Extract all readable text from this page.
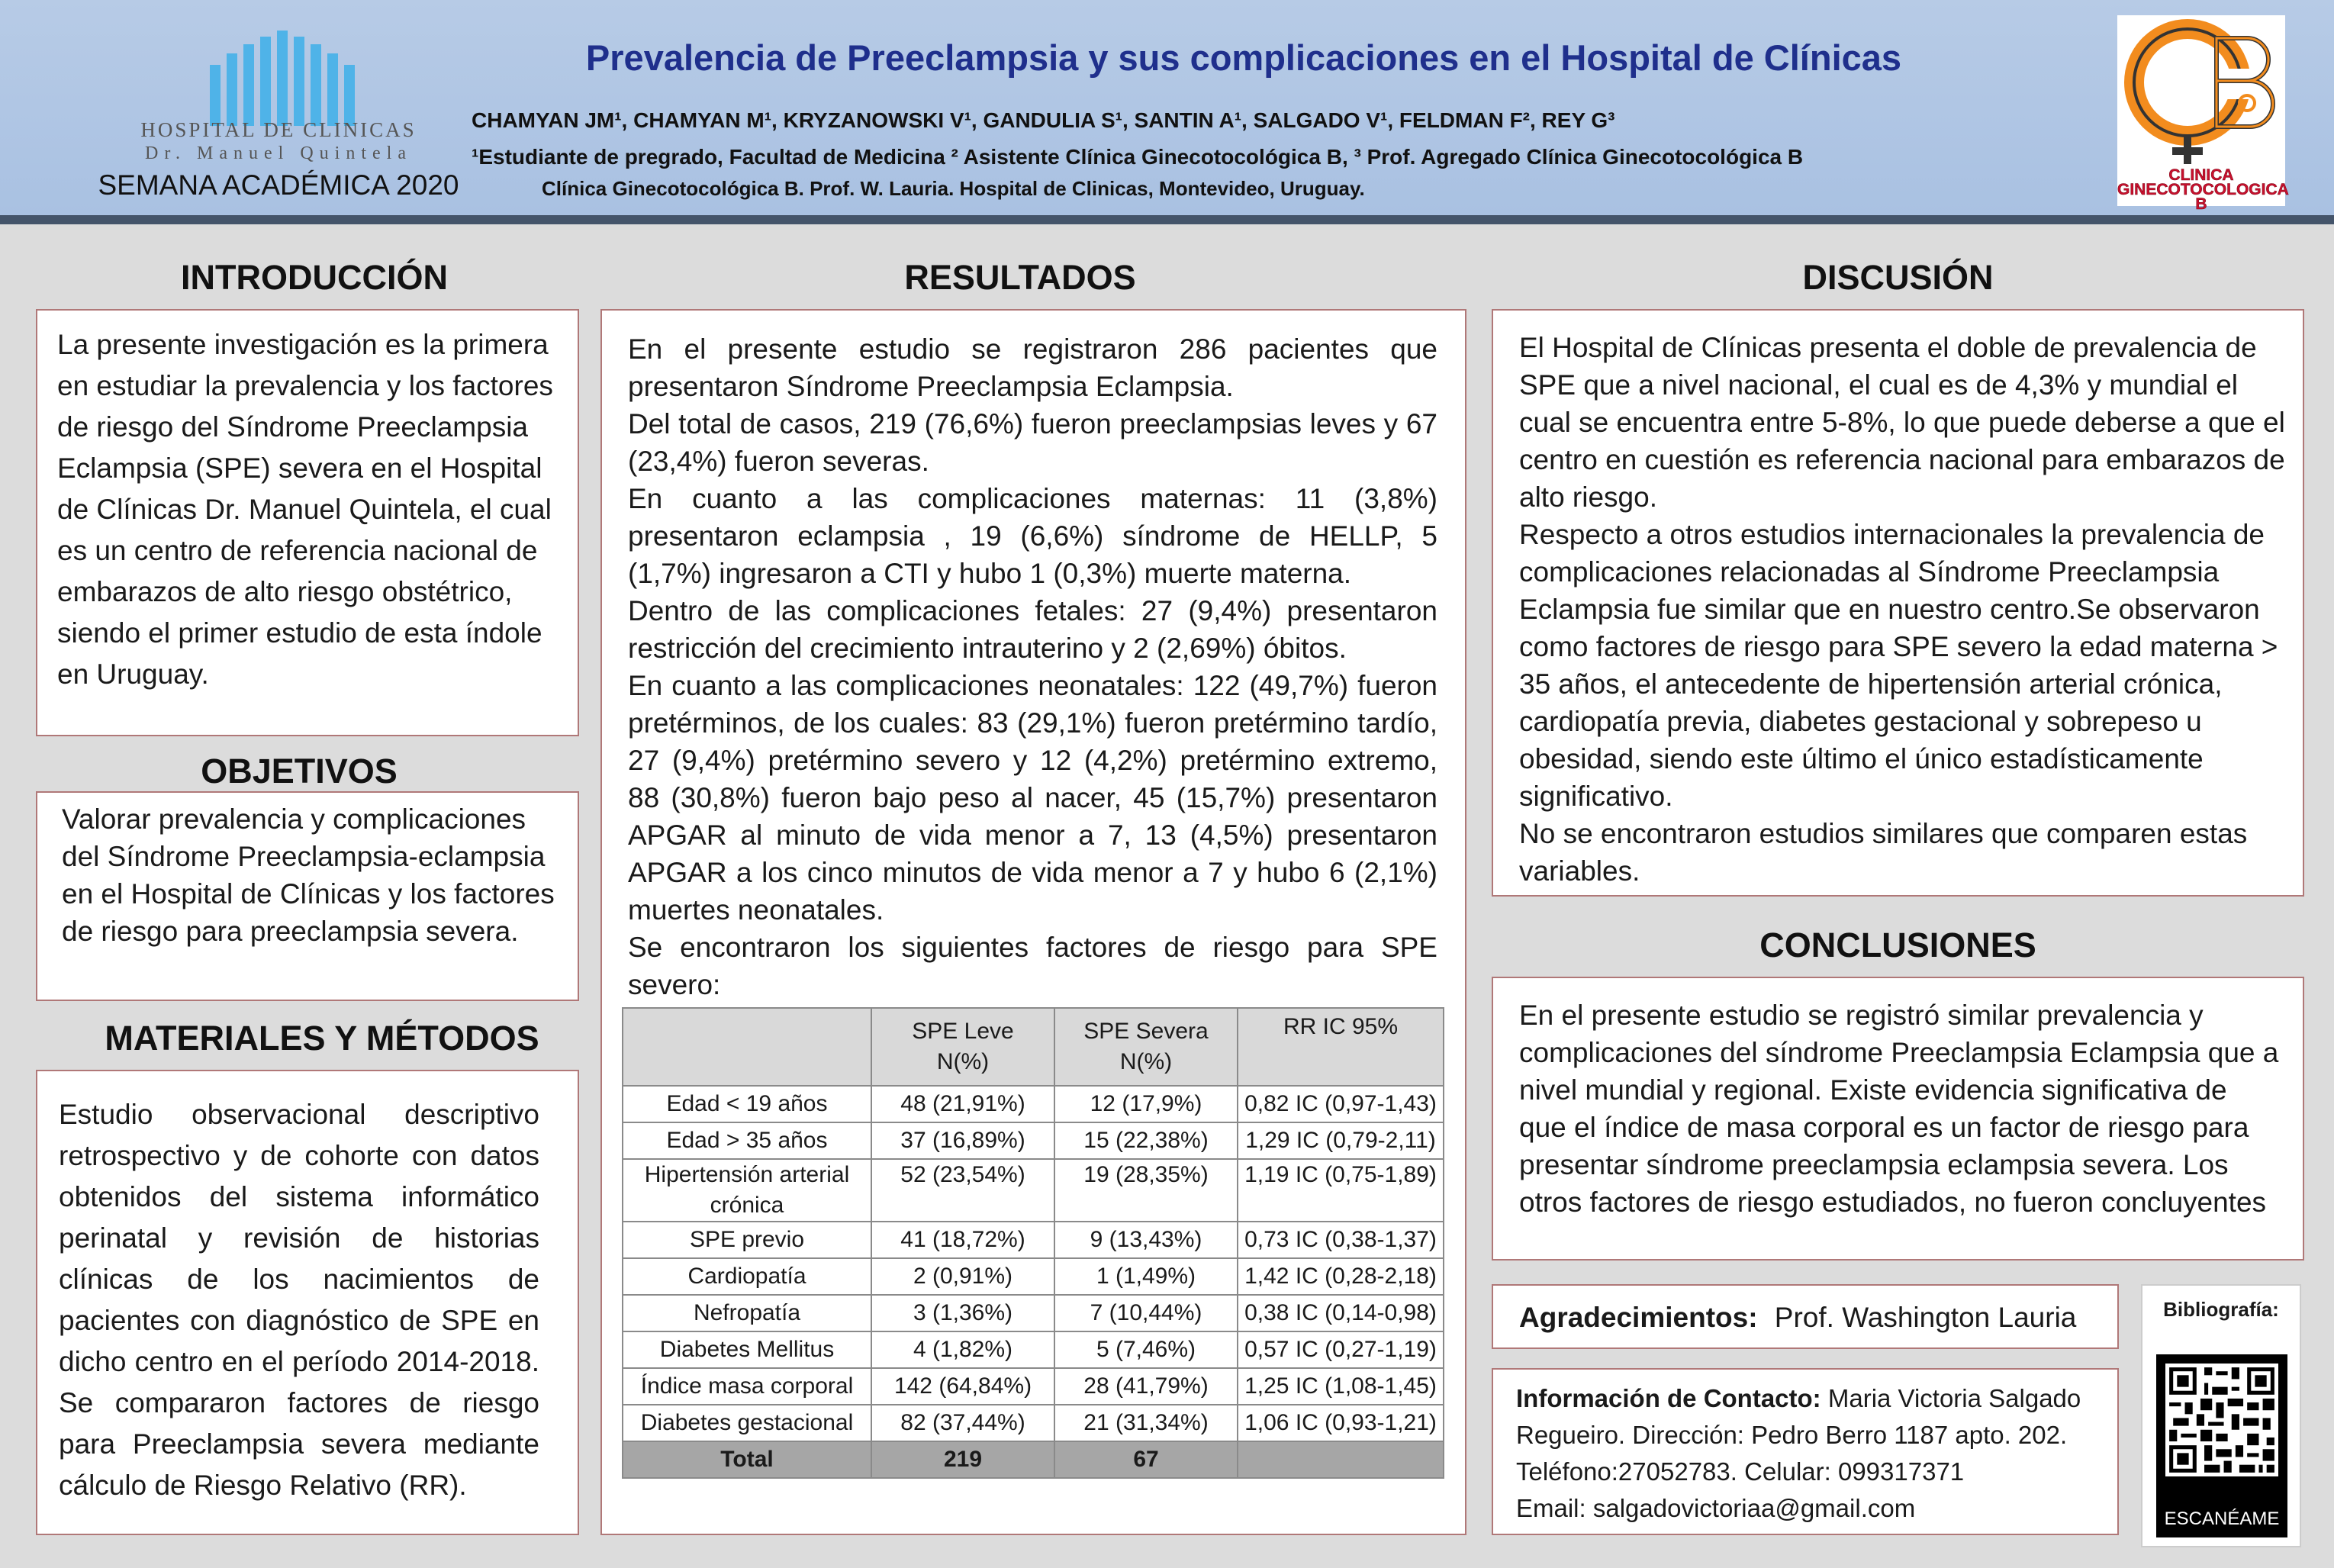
HOSPITAL DE CLINICAS
Dr. Manuel Quintela
SEMANA ACADÉMICA 2020
Prevalencia de Preeclampsia y sus complicaciones en el Hospital de Clínicas
CHAMYAN JM¹, CHAMYAN M¹, KRYZANOWSKI V¹, GANDULIA S¹, SANTIN A¹, SALGADO V¹, FELDMAN F², REY G³
¹Estudiante de pregrado, Facultad de Medicina ² Asistente Clínica Ginecotocológica B, ³ Prof. Agregado Clínica Ginecotocológica B
Clínica Ginecotocológica B. Prof. W. Lauria. Hospital de Clinicas, Montevideo, Uruguay.
CLINICA
GINECOTOCOLOGICA
B
INTRODUCCIÓN

La presente investigación es la primera en estudiar la prevalencia y los factores de riesgo del Síndrome Preeclampsia Eclampsia (SPE) severa en el Hospital de Clínicas Dr. Manuel Quintela, el cual es un centro de referencia nacional de embarazos de alto riesgo obstétrico, siendo el primer estudio de esta índole en Uruguay.

OBJETIVOS

Valorar prevalencia y complicaciones del Síndrome Preeclampsia-eclampsia en el Hospital de Clínicas y los factores de riesgo para preeclampsia severa.

MATERIALES Y MÉTODOS

Estudio observacional descriptivo retrospectivo y de cohorte con datos obtenidos del sistema informático perinatal y revisión de historias clínicas de los nacimientos de pacientes con diagnóstico de SPE en dicho centro en el período 2014-2018. Se compararon factores de riesgo para Preeclampsia severa mediante cálculo de Riesgo Relativo (RR).

RESULTADOS

En el presente estudio se registraron 286 pacientes que presentaron Síndrome Preeclampsia Eclampsia.

Del total de casos, 219 (76,6%) fueron preeclampsias leves y 67 (23,4%) fueron severas.

En cuanto a las complicaciones maternas: 11 (3,8%) presentaron eclampsia , 19 (6,6%) síndrome de HELLP, 5 (1,7%) ingresaron a CTI y hubo 1 (0,3%) muerte materna.

Dentro de las complicaciones fetales: 27 (9,4%) presentaron restricción del crecimiento intrauterino y 2 (2,69%) óbitos.

En cuanto a las complicaciones neonatales: 122 (49,7%) fueron pretérminos, de los cuales: 83 (29,1%) fueron pretérmino tardío, 27 (9,4%) pretérmino severo y 12 (4,2%) pretérmino extremo, 88 (30,8%) fueron bajo peso al nacer, 45 (15,7%) presentaron APGAR al minuto de vida menor a 7, 13 (4,5%) presentaron APGAR a los cinco minutos de vida menor a 7 y hubo 6 (2,1%) muertes neonatales.

Se encontraron los siguientes factores de riesgo para SPE severo:

	SPE Leve
N(%)	SPE Severa
N(%)	RR IC 95%
Edad < 19 años	48 (21,91%)	12 (17,9%)	0,82 IC (0,97-1,43)
Edad > 35 años	37 (16,89%)	15 (22,38%)	1,29 IC (0,79-2,11)
Hipertensión arterial crónica	52 (23,54%)	19 (28,35%)	1,19 IC (0,75-1,89)
SPE previo	41 (18,72%)	9 (13,43%)	0,73 IC (0,38-1,37)
Cardiopatía	2 (0,91%)	1 (1,49%)	1,42 IC (0,28-2,18)
Nefropatía	3 (1,36%)	7 (10,44%)	0,38 IC (0,14-0,98)
Diabetes Mellitus	4 (1,82%)	5 (7,46%)	0,57 IC (0,27-1,19)
Índice masa corporal	142 (64,84%)	28 (41,79%)	1,25 IC (1,08-1,45)
Diabetes gestacional	82 (37,44%)	21 (31,34%)	1,06 IC (0,93-1,21)
Total	219	67	
DISCUSIÓN

El Hospital de Clínicas presenta el doble de prevalencia de SPE que a nivel nacional, el cual es de 4,3% y mundial el cual se encuentra entre 5-8%, lo que puede deberse a que el centro en cuestión es referencia nacional para embarazos de alto riesgo.

Respecto a otros estudios internacionales la prevalencia de complicaciones relacionadas al Síndrome Preeclampsia Eclampsia fue similar que en nuestro centro.Se observaron como factores de riesgo para SPE severo la edad materna > 35 años, el antecedente de hipertensión arterial crónica, cardiopatía previa, diabetes gestacional y sobrepeso u obesidad, siendo este último el único estadísticamente significativo.

No se encontraron estudios similares que comparen estas variables.

CONCLUSIONES

En el presente estudio se registró similar prevalencia y complicaciones del síndrome Preeclampsia Eclampsia que a nivel mundial y regional. Existe evidencia significativa de que el índice de masa corporal es un factor de riesgo para presentar síndrome preeclampsia eclampsia severa. Los otros factores de riesgo estudiados, no fueron concluyentes

Agradecimientos: Prof. Washington Lauria
Información de Contacto: Maria Victoria Salgado
Regueiro. Dirección: Pedro Berro 1187 apto. 202.
Teléfono:27052783. Celular: 099317371
Email: salgadovictoriaa@gmail.com
Bibliografía:
ESCANÉAME
